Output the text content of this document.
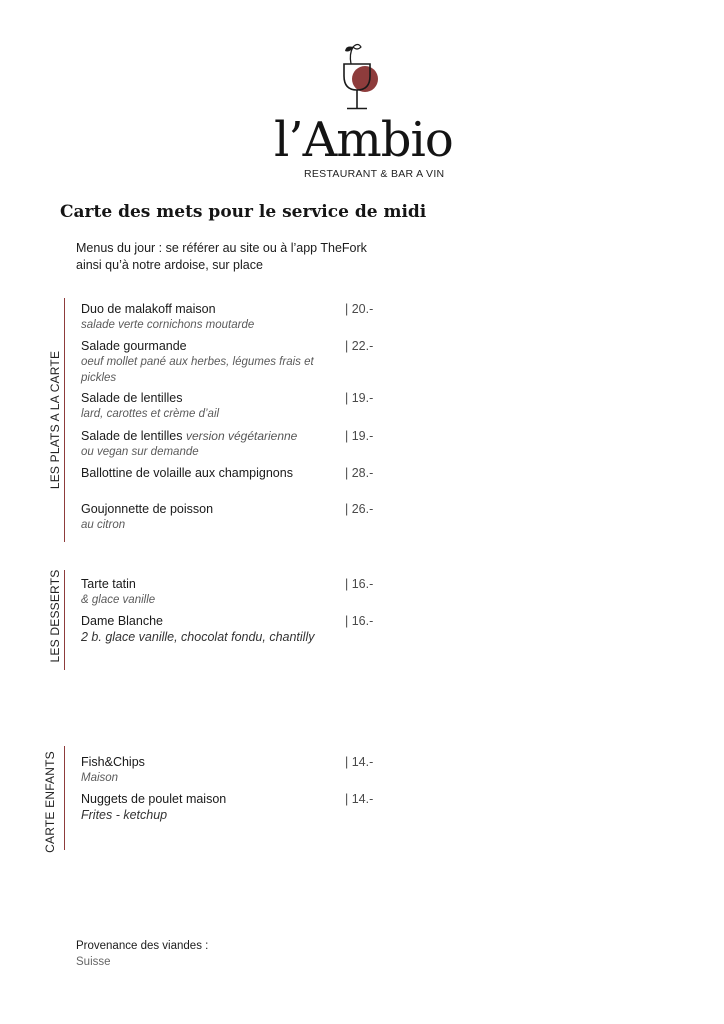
l’Ambio
RESTAURANT & BAR A VIN
Carte des mets pour le service de midi
Menus du jour : se référer au site ou à l’app TheFork
ainsi qu’à notre ardoise, sur place
LES PLATS A LA CARTE
Duo de malakoff maison
salade verte cornichons moutarde
| 20.-
Salade gourmande
oeuf mollet pané aux herbes, légumes frais et pickles
| 22.-
Salade de lentilles
lard, carottes et crème d’ail
| 19.-
Salade de lentilles version végétarienne
ou vegan sur demande
| 19.-
Ballottine de volaille aux champignons	| 28.-
Goujonnette de poisson
au citron
| 26.-
LES DESSERTS Tarte tatin
& glace vanille
| 16.-
Dame Blanche
2 b. glace vanille, chocolat fondu, chantilly
| 16.-
CARTE ENFANTS Fish&Chips
Maison
| 14.-
Nuggets de poulet maison
Frites - ketchup
| 14.-
Provenance des viandes :
Suisse
